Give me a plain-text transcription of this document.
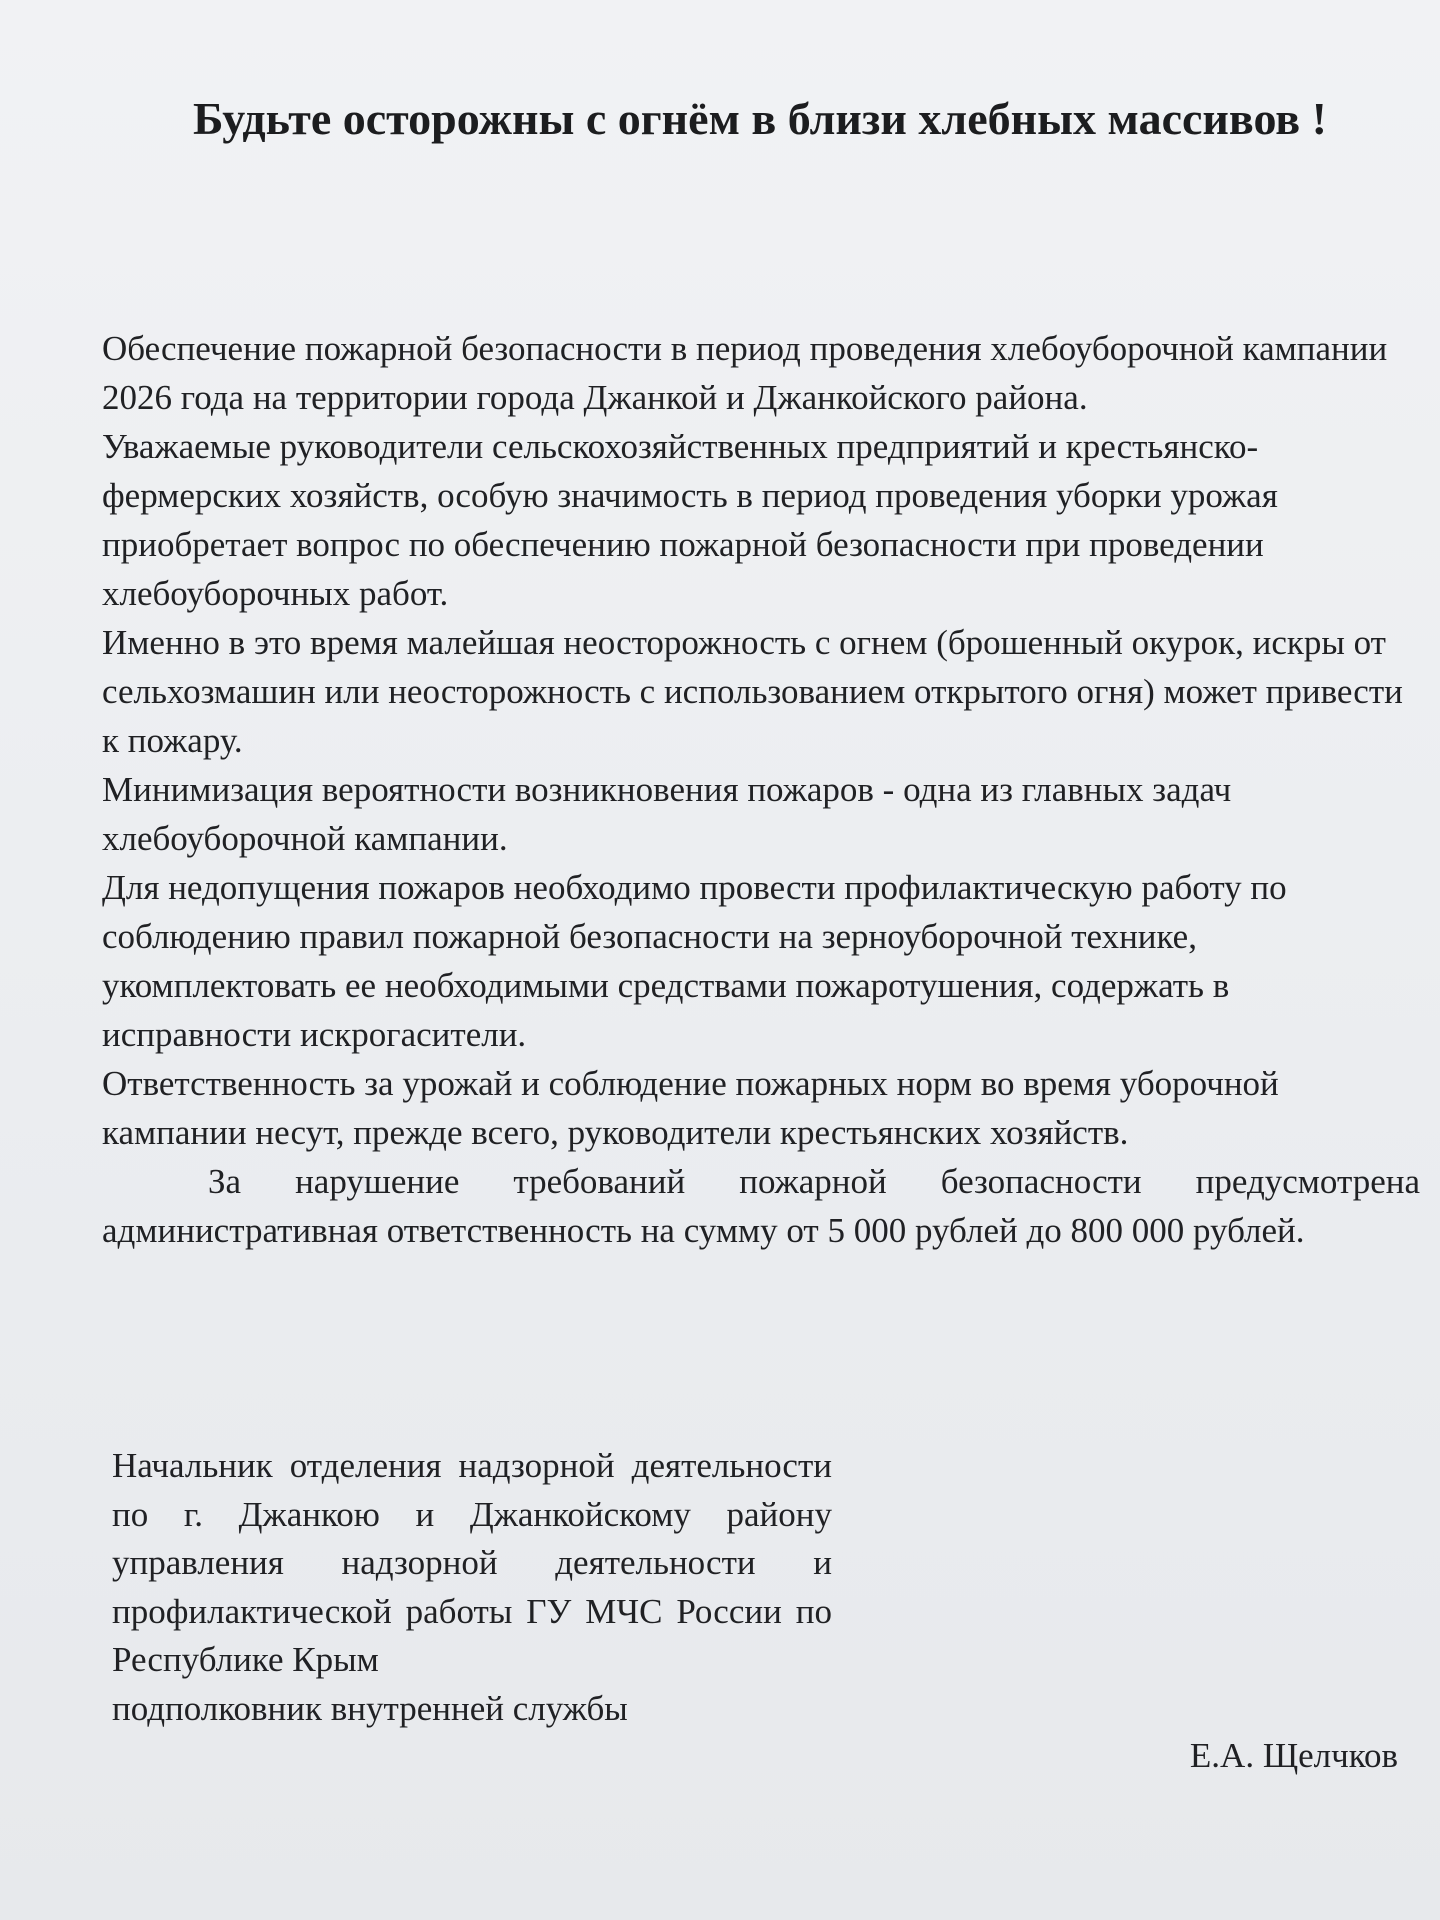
Будьте осторожны с огнём в близи хлебных массивов !

Обеспечение пожарной безопасности в период проведения хлебоуборочной кампании 2026 года на территории города Джанкой и Джанкойского района.

Уважаемые руководители сельскохозяйственных предприятий и крестьянско-фермерских хозяйств, особую значимость в период проведения уборки урожая приобретает вопрос по обеспечению пожарной безопасности при проведении хлебоуборочных работ.

Именно в это время малейшая неосторожность с огнем (брошенный окурок, искры от сельхозмашин или неосторожность с использованием открытого огня) может привести к пожару.

Минимизация вероятности возникновения пожаров - одна из главных задач хлебоуборочной кампании.

Для недопущения пожаров необходимо провести профилактическую работу по соблюдению правил пожарной безопасности на зерноуборочной технике, укомплектовать ее необходимыми средствами пожаротушения, содержать в исправности искрогасители.

Ответственность за урожай и соблюдение пожарных норм во время уборочной кампании несут, прежде всего, руководители крестьянских хозяйств.

За нарушение требований пожарной безопасности предусмотрена административная ответственность на сумму от 5 000 рублей до 800 000 рублей.

Начальник отделения надзорной деятельности по г. Джанкою и Джанкойскому району управления надзорной деятельности и профилактической работы ГУ МЧС России по Республике Крым
подполковник внутренней службы
Е.А. Щелчков
